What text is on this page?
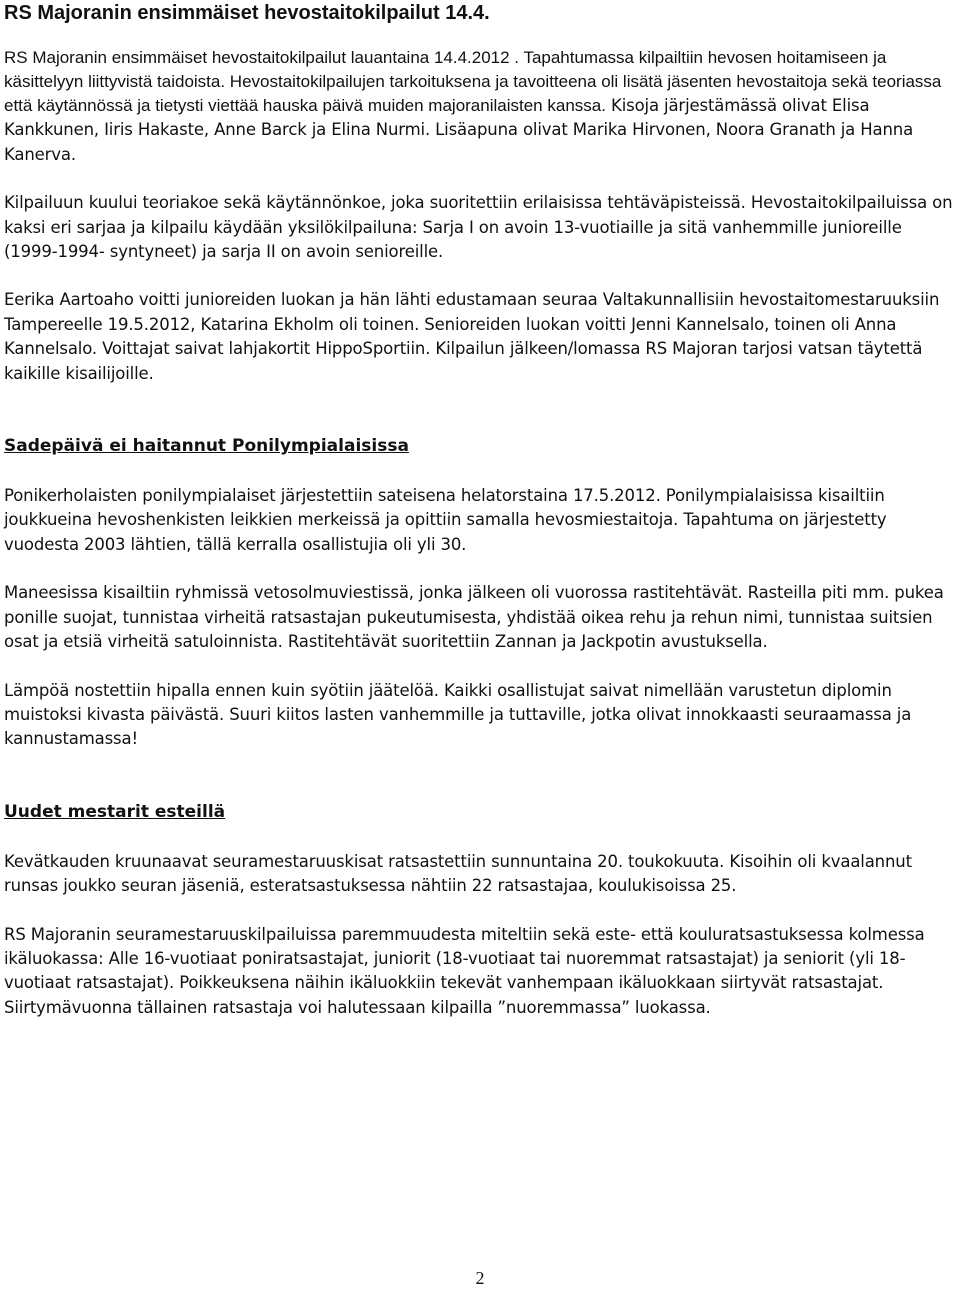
RS Majoranin ensimmäiset hevostaitokilpailut 14.4.

RS Majoranin ensimmäiset hevostaitokilpailut lauantaina 14.4.2012 . Tapahtumassa kilpailtiin hevosen hoitamiseen ja käsittelyyn liittyvistä taidoista. Hevostaitokilpailujen tarkoituksena ja tavoitteena oli lisätä jäsenten hevostaitoja sekä teoriassa että käytännössä ja tietysti viettää hauska päivä muiden majoranilaisten kanssa. Kisoja järjestämässä olivat Elisa Kankkunen, Iiris Hakaste, Anne Barck ja Elina Nurmi. Lisäapuna olivat Marika Hirvonen, Noora Granath ja Hanna Kanerva.

Kilpailuun kuului teoriakoe sekä käytännönkoe, joka suoritettiin erilaisissa tehtäväpisteissä. Hevostaitokilpailuissa on kaksi eri sarjaa ja kilpailu käydään yksilökilpailuna: Sarja I on avoin 13-vuotiaille ja sitä vanhemmille junioreille (1999-1994- syntyneet) ja sarja II on avoin senioreille.

Eerika Aartoaho voitti junioreiden luokan ja hän lähti edustamaan seuraa Valtakunnallisiin hevostaitomestaruuksiin Tampereelle 19.5.2012, Katarina Ekholm oli toinen. Senioreiden luokan voitti Jenni Kannelsalo, toinen oli Anna Kannelsalo. Voittajat saivat lahjakortit HippoSportiin. Kilpailun jälkeen/lomassa RS Majoran tarjosi vatsan täytettä kaikille kisailijoille.

Sadepäivä ei haitannut Ponilympialaisissa

Ponikerholaisten ponilympialaiset järjestettiin sateisena helatorstaina 17.5.2012. Ponilympialaisissa kisailtiin joukkueina hevoshenkisten leikkien merkeissä ja opittiin samalla hevosmiestaitoja. Tapahtuma on järjestetty vuodesta 2003 lähtien, tällä kerralla osallistujia oli yli 30.

Maneesissa kisailtiin ryhmissä vetosolmuviestissä, jonka jälkeen oli vuorossa rastitehtävät. Rasteilla piti mm. pukea ponille suojat, tunnistaa virheitä ratsastajan pukeutumisesta, yhdistää oikea rehu ja rehun nimi, tunnistaa suitsien osat ja etsiä virheitä satuloinnista. Rastitehtävät suoritettiin Zannan ja Jackpotin avustuksella.

Lämpöä nostettiin hipalla ennen kuin syötiin jäätelöä. Kaikki osallistujat saivat nimellään varustetun diplomin muistoksi kivasta päivästä. Suuri kiitos lasten vanhemmille ja tuttaville, jotka olivat innokkaasti seuraamassa ja kannustamassa!

Uudet mestarit esteillä

Kevätkauden kruunaavat seuramestaruuskisat ratsastettiin sunnuntaina 20. toukokuuta. Kisoihin oli kvaalannut runsas joukko seuran jäseniä, esteratsastuksessa nähtiin 22 ratsastajaa, koulukisoissa 25.

RS Majoranin seuramestaruuskilpailuissa paremmuudesta miteltiin sekä este- että kouluratsastuksessa kolmessa ikäluokassa: Alle 16-vuotiaat poniratsastajat, juniorit (18-vuotiaat tai nuoremmat ratsastajat) ja seniorit (yli 18-vuotiaat ratsastajat). Poikkeuksena näihin ikäluokkiin tekevät vanhempaan ikäluokkaan siirtyvät ratsastajat. Siirtymävuonna tällainen ratsastaja voi halutessaan kilpailla ”nuoremmassa” luokassa.

2
